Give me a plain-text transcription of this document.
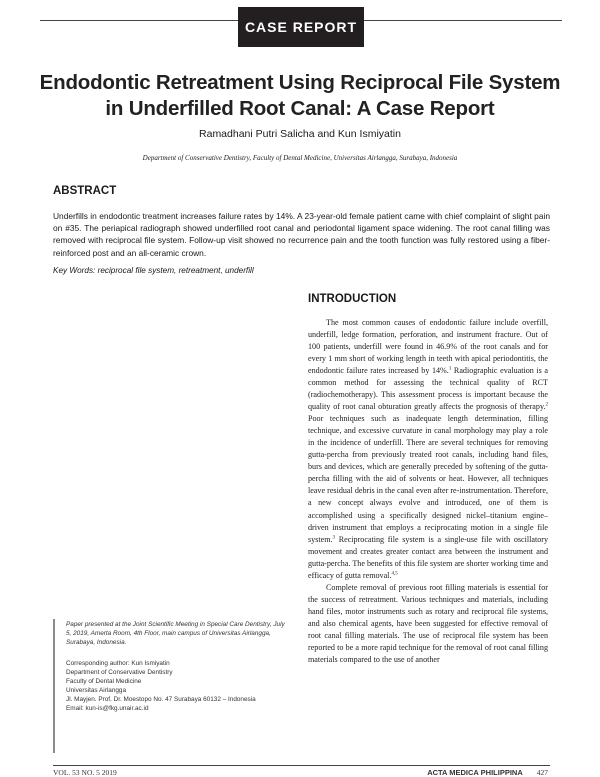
CASE REPORT
Endodontic Retreatment Using Reciprocal File System
in Underfilled Root Canal: A Case Report
Ramadhani Putri Salicha and Kun Ismiyatin
Department of Conservative Dentistry, Faculty of Dental Medicine, Universitas Airlangga, Surabaya, Indonesia
ABSTRACT
Underfills in endodontic treatment increases failure rates by 14%. A 23-year-old female patient came with chief complaint of slight pain on #35. The periapical radiograph showed underfilled root canal and periodontal ligament space widening. The root canal filling was removed with reciprocal file system. Follow-up visit showed no recurrence pain and the tooth function was fully restored using a fiber-reinforced post and an all-ceramic crown.
Key Words: reciprocal file system, retreatment, underfill
INTRODUCTION

The most common causes of endodontic failure include overfill, underfill, ledge formation, perforation, and instrument fracture. Out of 100 patients, underfill were found in 46.9% of the root canals and for every 1 mm short of working length in teeth with apical periodontitis, the endodontic failure rates increased by 14%.$^1$ Radiographic evaluation is a common method for assessing the technical quality of RCT (radiochemotherapy). This assessment process is important because the quality of root canal obturation greatly affects the prognosis of therapy.$^2$ Poor techniques such as inadequate length determination, filling technique, and excessive curvature in canal morphology may play a role in the incidence of underfill. There are several techniques for removing gutta-percha from previously treated root canals, including hand files, burs and devices, which are generally preceded by softening of the gutta-percha filling with the aid of solvents or heat. However, all techniques leave residual debris in the canal even after re-instrumentation. Therefore, a new concept always evolve and introduced, one of them is accomplished using a specifically designed nickel–titanium engine–driven instrument that employs a reciprocating motion in a single file system.$^3$ Reciprocating file system is a single-use file with oscillatory movement and creates greater contact area between the instrument and gutta-percha. The benefits of this file system are shorter working time and efficacy of gutta removal.$^{4,5}$

Complete removal of previous root filling materials is essential for the success of retreatment. Various techniques and materials, including hand files, motor instruments such as rotary and reciprocal file systems, and also chemical agents, have been suggested for effective removal of root canal filling materials. The use of reciprocal file system has been reported to be a more rapid technique for the removal of root canal filling materials compared to the use of another

Paper presented at the Joint Scientific Meeting in Special Care Dentistry, July 5, 2019, Amerta Room, 4th Floor, main campus of Universitas Airlangga, Surabaya, Indonesia.
Corresponding author: Kun Ismiyatin
Department of Conservative Dentistry
Faculty of Dental Medicine
Universitas Airlangga
Jl. Mayjen. Prof. Dr. Moestopo No. 47 Surabaya 60132 – Indonesia
Email: kun-is@fkg.unair.ac.id
VOL. 53 NO. 5 2019	ACTA MEDICA PHILIPPINA 427
